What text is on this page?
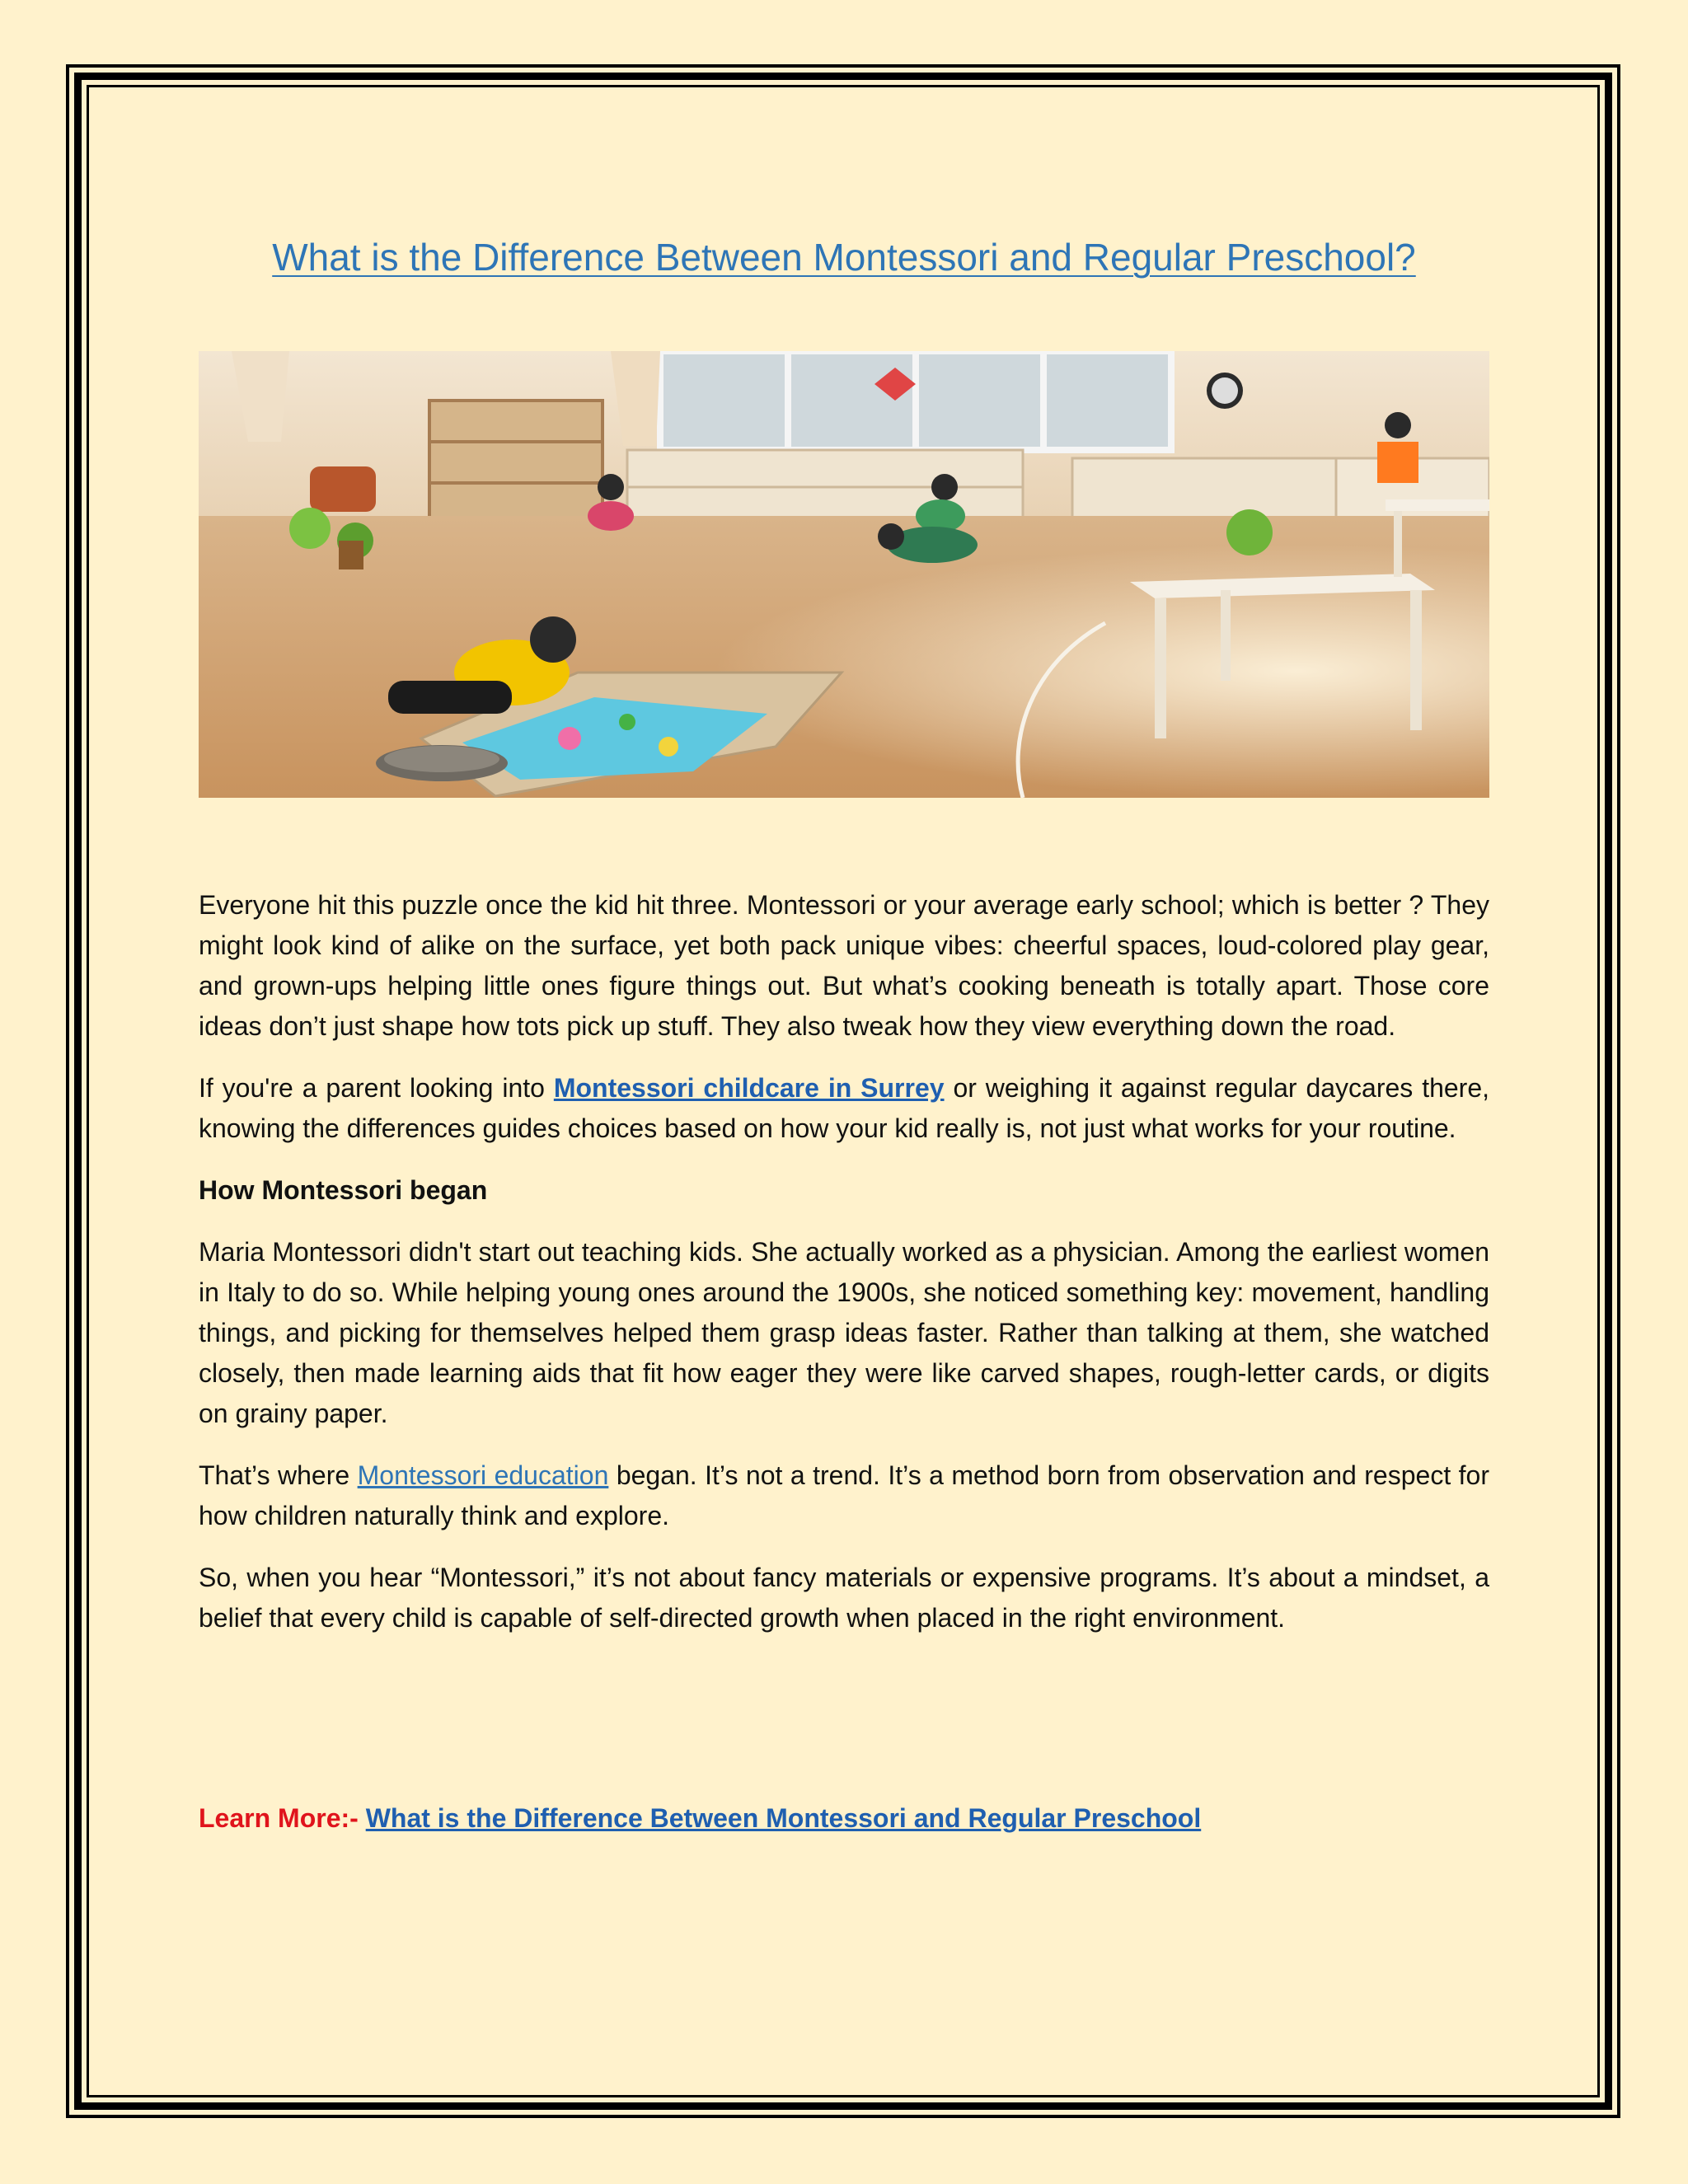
What is the Difference Between Montessori and Regular Preschool?

Everyone hit this puzzle once the kid hit three. Montessori or your average early school; which is better ? They might look kind of alike on the surface, yet both pack unique vibes: cheerful spaces, loud-colored play gear, and grown-ups helping little ones figure things out. But what’s cooking beneath is totally apart. Those core ideas don’t just shape how tots pick up stuff. They also tweak how they view everything down the road.

If you're a parent looking into Montessori childcare in Surrey or weighing it against regular daycares there, knowing the differences guides choices based on how your kid really is, not just what works for your routine.

How Montessori began

Maria Montessori didn't start out teaching kids. She actually worked as a physician. Among the earliest women in Italy to do so. While helping young ones around the 1900s, she noticed something key: movement, handling things, and picking for themselves helped them grasp ideas faster. Rather than talking at them, she watched closely, then made learning aids that fit how eager they were like carved shapes, rough-letter cards, or digits on grainy paper.

That’s where Montessori education began. It’s not a trend. It’s a method born from observation and respect for how children naturally think and explore.

So, when you hear “Montessori,” it’s not about fancy materials or expensive programs. It’s about a mindset, a belief that every child is capable of self-directed growth when placed in the right environment.

Learn More:- What is the Difference Between Montessori and Regular Preschool
